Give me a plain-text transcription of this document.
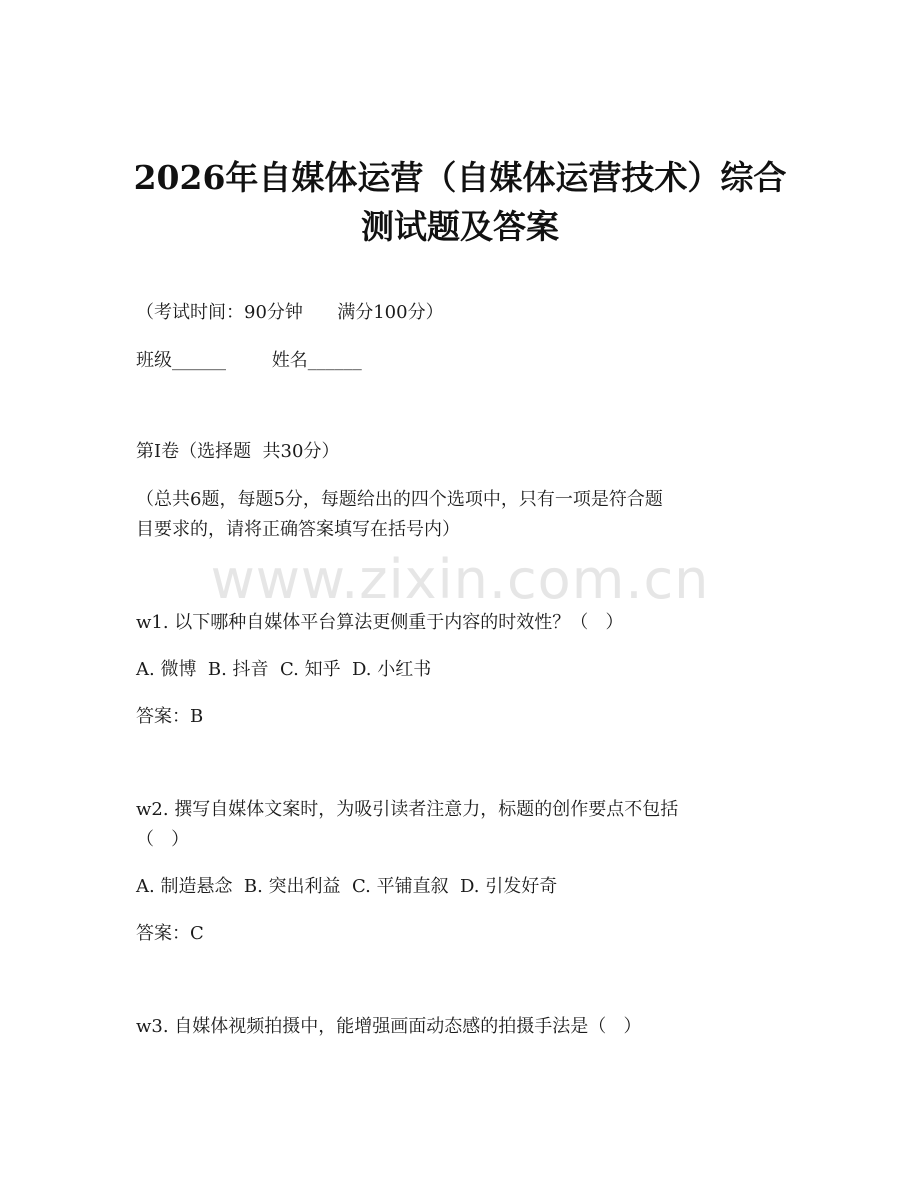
2026年自媒体运营（自媒体运营技术）综合
测试题及答案
（考试时间：90分钟      满分100分）
班级______        姓名______
第I卷（选择题  共30分）
（总共6题，每题5分，每题给出的四个选项中，只有一项是符合题
目要求的，请将正确答案填写在括号内）
www.zixin.com.cn
w1. 以下哪种自媒体平台算法更侧重于内容的时效性？（   ）
A. 微博  B. 抖音  C. 知乎  D. 小红书
答案：B
w2. 撰写自媒体文案时，为吸引读者注意力，标题的创作要点不包括
（   ）
A. 制造悬念  B. 突出利益  C. 平铺直叙  D. 引发好奇
答案：C
w3. 自媒体视频拍摄中，能增强画面动态感的拍摄手法是（   ）
